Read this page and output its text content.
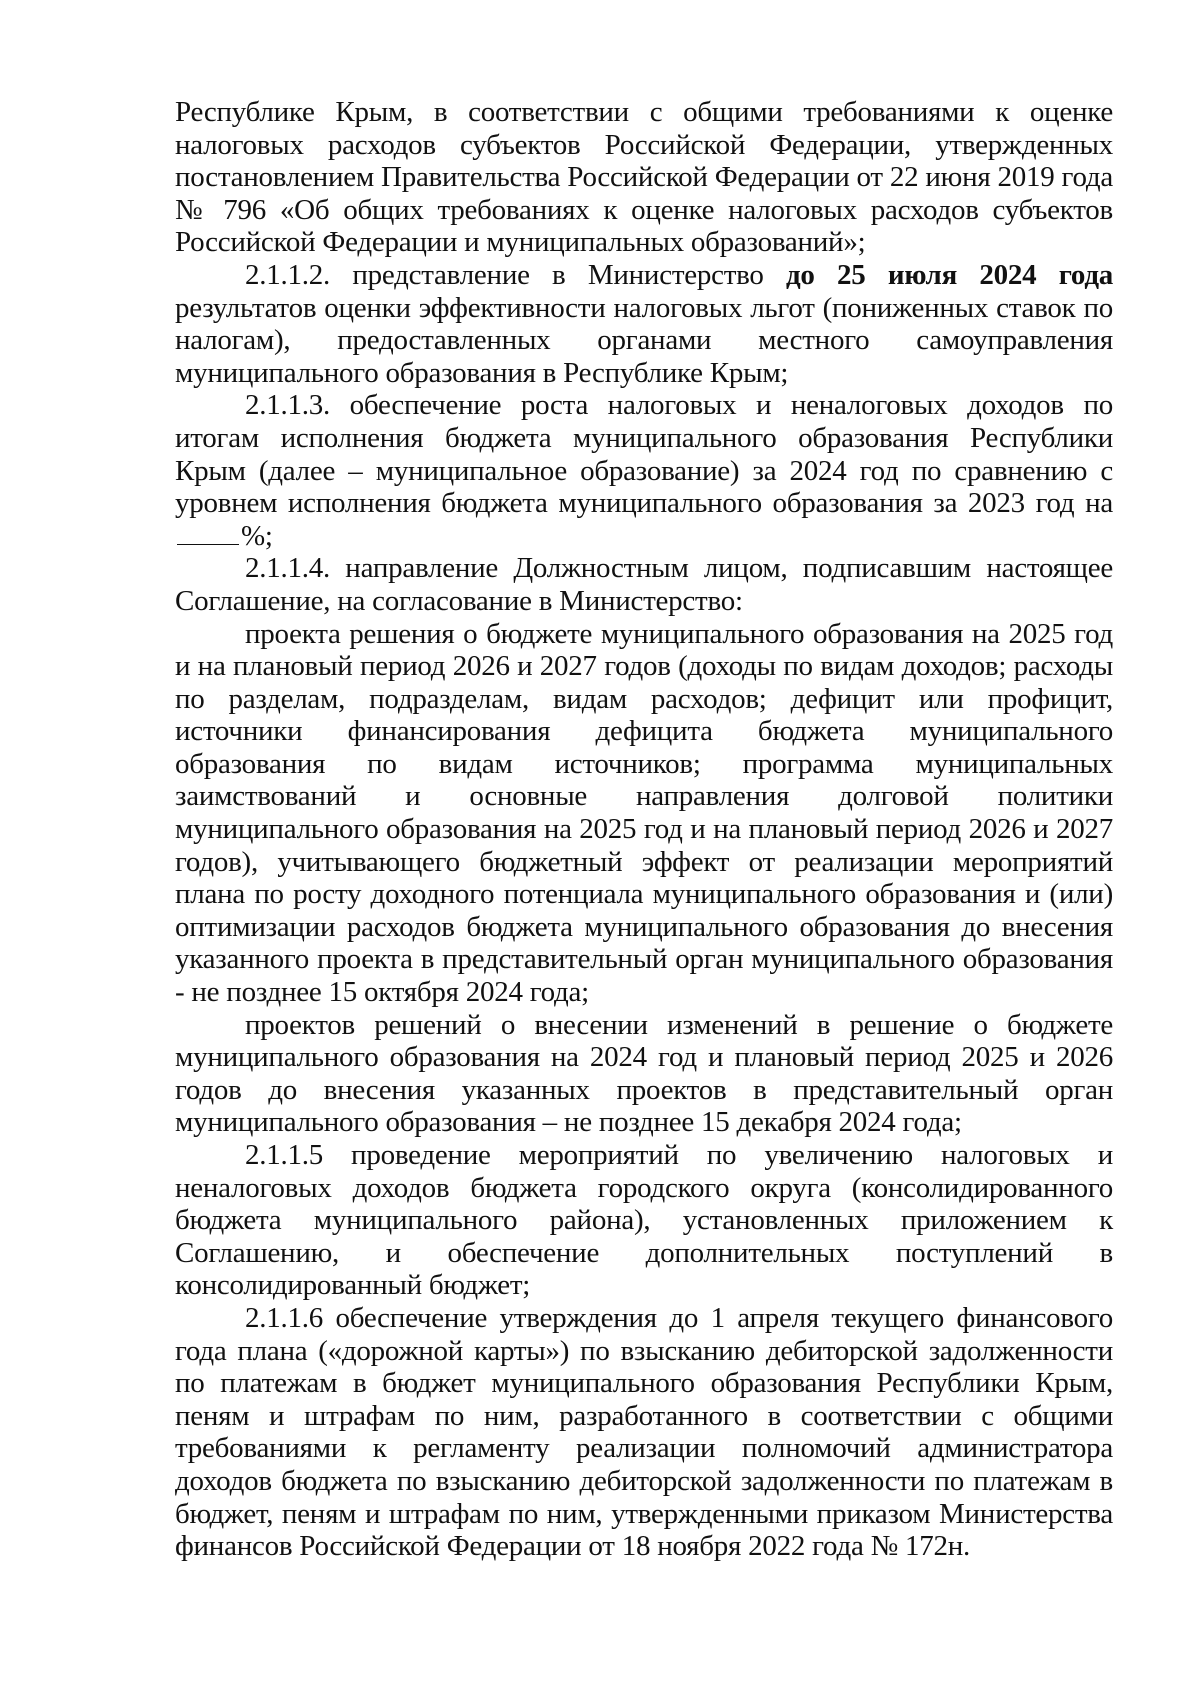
Республике Крым, в соответствии с общими требованиями к оценке налоговых расходов субъектов Российской Федерации, утвержденных постановлением Правительства Российской Федерации от 22 июня 2019 года № 796 «Об общих требованиях к оценке налоговых расходов субъектов Российской Федерации и муниципальных образований»;

2.1.1.2. представление в Министерство до 25 июля 2024 года результатов оценки эффективности налоговых льгот (пониженных ставок по налогам), предоставленных органами местного самоуправления муниципального образования в Республике Крым;

2.1.1.3. обеспечение роста налоговых и неналоговых доходов по итогам исполнения бюджета муниципального образования Республики Крым (далее – муниципальное образование) за 2024 год по сравнению с уровнем исполнения бюджета муниципального образования за 2023 год на %;

2.1.1.4. направление Должностным лицом, подписавшим настоящее Соглашение, на согласование в Министерство:

проекта решения о бюджете муниципального образования на 2025 год и на плановый период 2026 и 2027 годов (доходы по видам доходов; расходы по разделам, подразделам, видам расходов; дефицит или профицит, источники финансирования дефицита бюджета муниципального образования по видам источников; программа муниципальных заимствований и основные направления долговой политики муниципального образования на 2025 год и на плановый период 2026 и 2027 годов), учитывающего бюджетный эффект от реализации мероприятий плана по росту доходного потенциала муниципального образования и (или) оптимизации расходов бюджета муниципального образования до внесения указанного проекта в представительный орган муниципального образования - не позднее 15 октября 2024 года;

проектов решений о внесении изменений в решение о бюджете муниципального образования на 2024 год и плановый период 2025 и 2026 годов до внесения указанных проектов в представительный орган муниципального образования – не позднее 15 декабря 2024 года;

2.1.1.5 проведение мероприятий по увеличению налоговых и неналоговых доходов бюджета городского округа (консолидированного бюджета муниципального района), установленных приложением к Соглашению, и обеспечение дополнительных поступлений в консолидированный бюджет;

2.1.1.6 обеспечение утверждения до 1 апреля текущего финансового года плана («дорожной карты») по взысканию дебиторской задолженности по платежам в бюджет муниципального образования Республики Крым, пеням и штрафам по ним, разработанного в соответствии с общими требованиями к регламенту реализации полномочий администратора доходов бюджета по взысканию дебиторской задолженности по платежам в бюджет, пеням и штрафам по ним, утвержденными приказом Министерства финансов Российской Федерации от 18 ноября 2022 года № 172н.
